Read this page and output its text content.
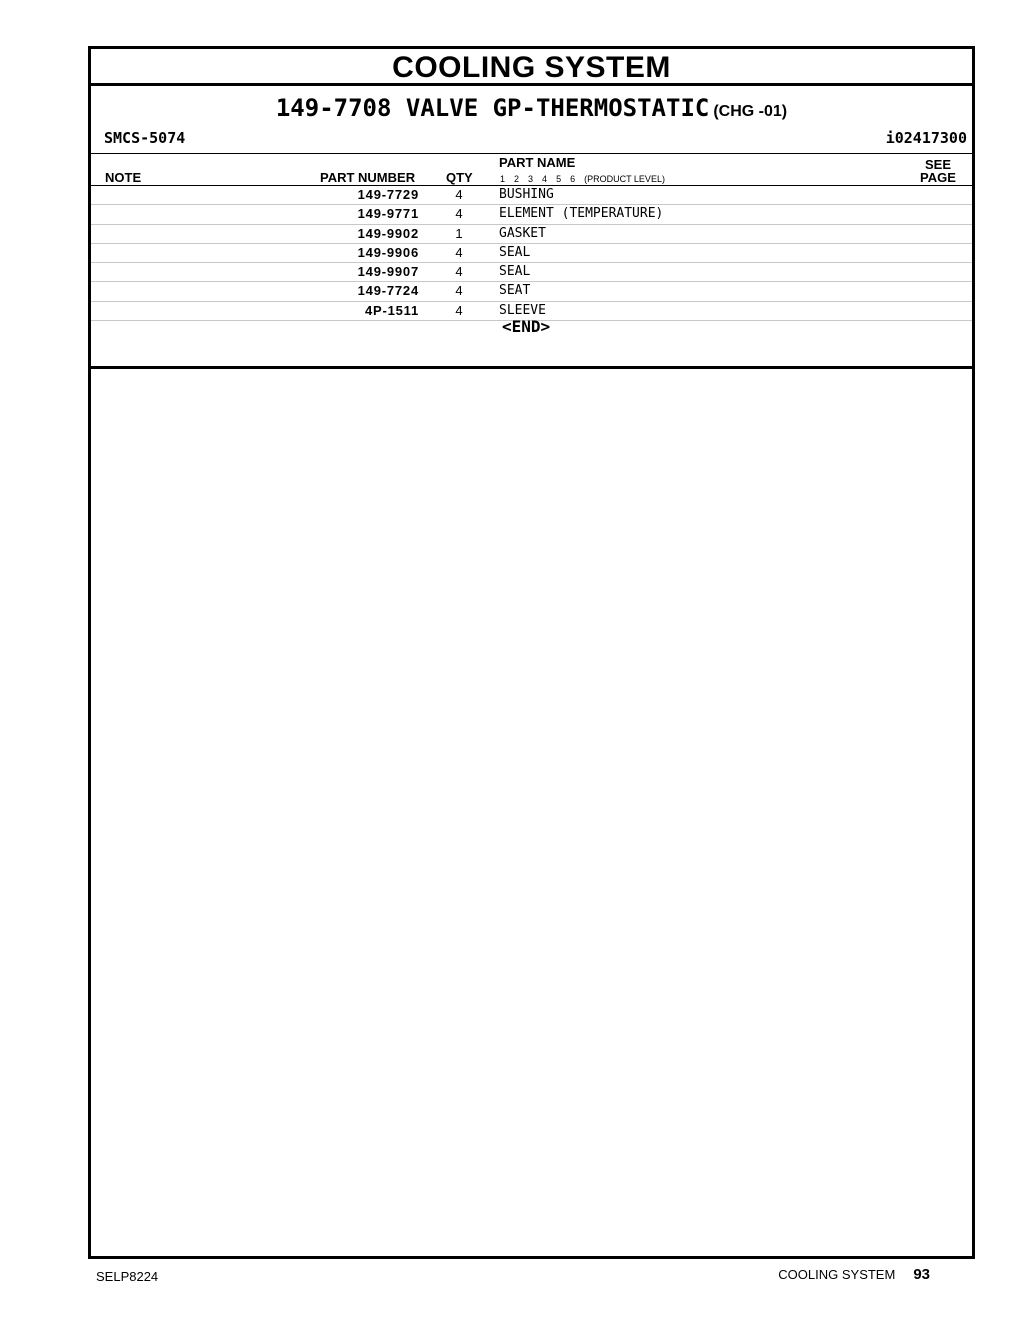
COOLING SYSTEM
149-7708 VALVE GP-THERMOSTATIC (CHG -01)
SMCS-5074	i02417300
NOTE	PART NUMBER QTY
PART NAME
1 2 3 4 5 6 (PRODUCT LEVEL)
SEE
PAGE
149-7729	4	BUSHING
149-9771	4	ELEMENT (TEMPERATURE)
149-9902	1	GASKET
149-9906	4	SEAL
149-9907	4	SEAL
149-7724	4	SEAT
4P-1511	4	SLEEVE
<END>
SELP8224	COOLING SYSTEM 93
